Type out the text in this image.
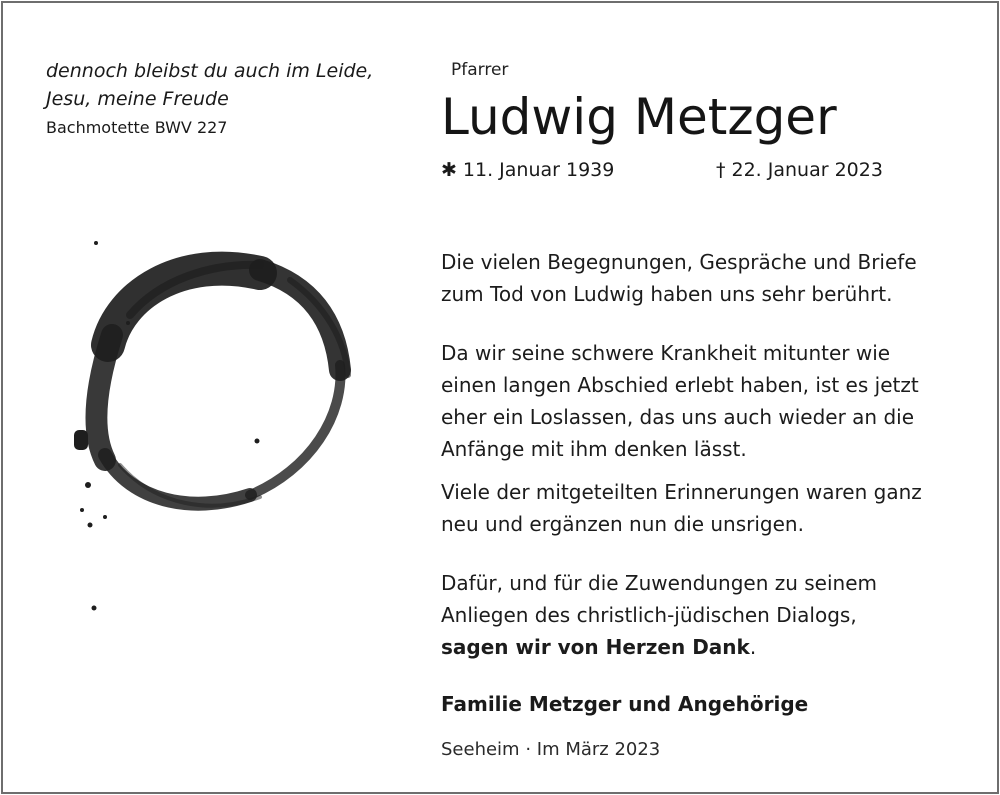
dennoch bleibst du auch im Leide,
Jesu, meine Freude
Bachmotette BWV 227
Pfarrer
Ludwig Metzger
✱ 11. Januar 1939	† 22. Januar 2023
Die vielen Begegnungen, Gespräche und Briefe
zum Tod von Ludwig haben uns sehr berührt.
Da wir seine schwere Krankheit mitunter wie
einen langen Abschied erlebt haben, ist es jetzt
eher ein Loslassen, das uns auch wieder an die
Anfänge mit ihm denken lässt.
Viele der mitgeteilten Erinnerungen waren ganz
neu und ergänzen nun die unsrigen.
Dafür, und für die Zuwendungen zu seinem
Anliegen des christlich-jüdischen Dialogs,
sagen wir von Herzen Dank.
Familie Metzger und Angehörige
Seeheim · Im März 2023
